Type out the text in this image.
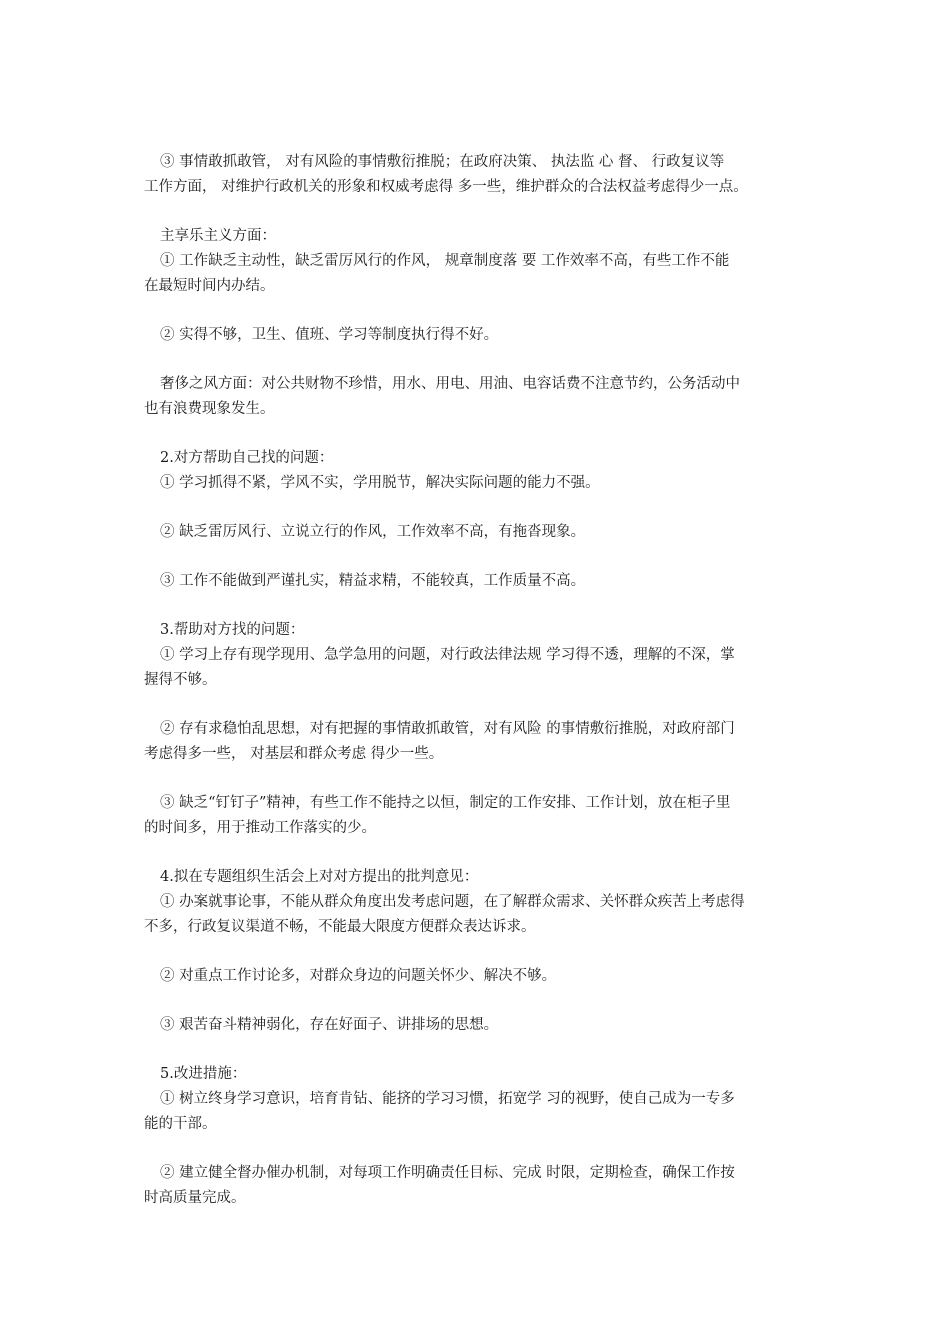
③ 事情敢抓敢管， 对有风险的事情敷衍推脱；在政府决策、 执法监 心 督、 行政复议等
工作方面， 对维护行政机关的形象和权威考虑得 多一些，维护群众的合法权益考虑得少一点。
主享乐主义方面：
① 工作缺乏主动性，缺乏雷厉风行的作风， 规章制度落 要 工作效率不高，有些工作不能
在最短时间内办结。
② 实得不够，卫生、值班、学习等制度执行得不好。
奢侈之风方面：对公共财物不珍惜，用水、用电、用油、电容话费不注意节约，公务活动中
也有浪费现象发生。
2.对方帮助自己找的问题：
① 学习抓得不紧，学风不实，学用脱节，解决实际问题的能力不强。
② 缺乏雷厉风行、立说立行的作风，工作效率不高，有拖沓现象。
③ 工作不能做到严谨扎实，精益求精，不能较真，工作质量不高。
3.帮助对方找的问题：
① 学习上存有现学现用、急学急用的问题，对行政法律法规 学习得不透，理解的不深，掌
握得不够。
② 存有求稳怕乱思想，对有把握的事情敢抓敢管，对有风险 的事情敷衍推脱，对政府部门
考虑得多一些， 对基层和群众考虑 得少一些。
③ 缺乏“钉钉子”精神，有些工作不能持之以恒，制定的工作安排、工作计划，放在柜子里
的时间多，用于推动工作落实的少。
4.拟在专题组织生活会上对对方提出的批判意见：
① 办案就事论事，不能从群众角度出发考虑问题，在了解群众需求、关怀群众疾苦上考虑得
不多，行政复议渠道不畅，不能最大限度方便群众表达诉求。
② 对重点工作讨论多，对群众身边的问题关怀少、解决不够。
③ 艰苦奋斗精神弱化，存在好面子、讲排场的思想。
5.改进措施：
① 树立终身学习意识，培育肯钻、能挤的学习习惯，拓宽学 习的视野，使自己成为一专多
能的干部。
② 建立健全督办催办机制，对每项工作明确责任目标、完成 时限，定期检查，确保工作按
时高质量完成。
